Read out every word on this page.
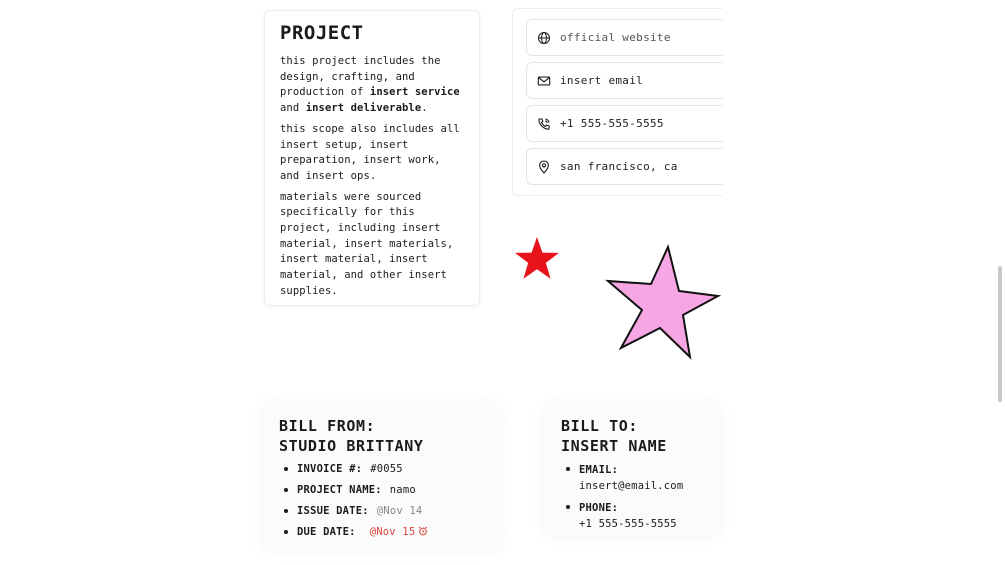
PROJECT

this project includes the design, crafting, and production of insert service and insert deliverable.

this scope also includes all insert setup, insert preparation, insert work, and insert ops.

materials were sourced specifically for this project, including insert material, insert materials, insert material, insert material, and other insert supplies.

official website
insert email
+1 555-555-5555
san francisco, ca
BILL FROM:
STUDIO BRITTANY
INVOICE #: #0055
PROJECT NAME: namo
ISSUE DATE: @Nov 14
DUE DATE: @Nov 15
BILL TO:
INSERT NAME
EMAIL:
insert@email.com
PHONE:
+1 555-555-5555
